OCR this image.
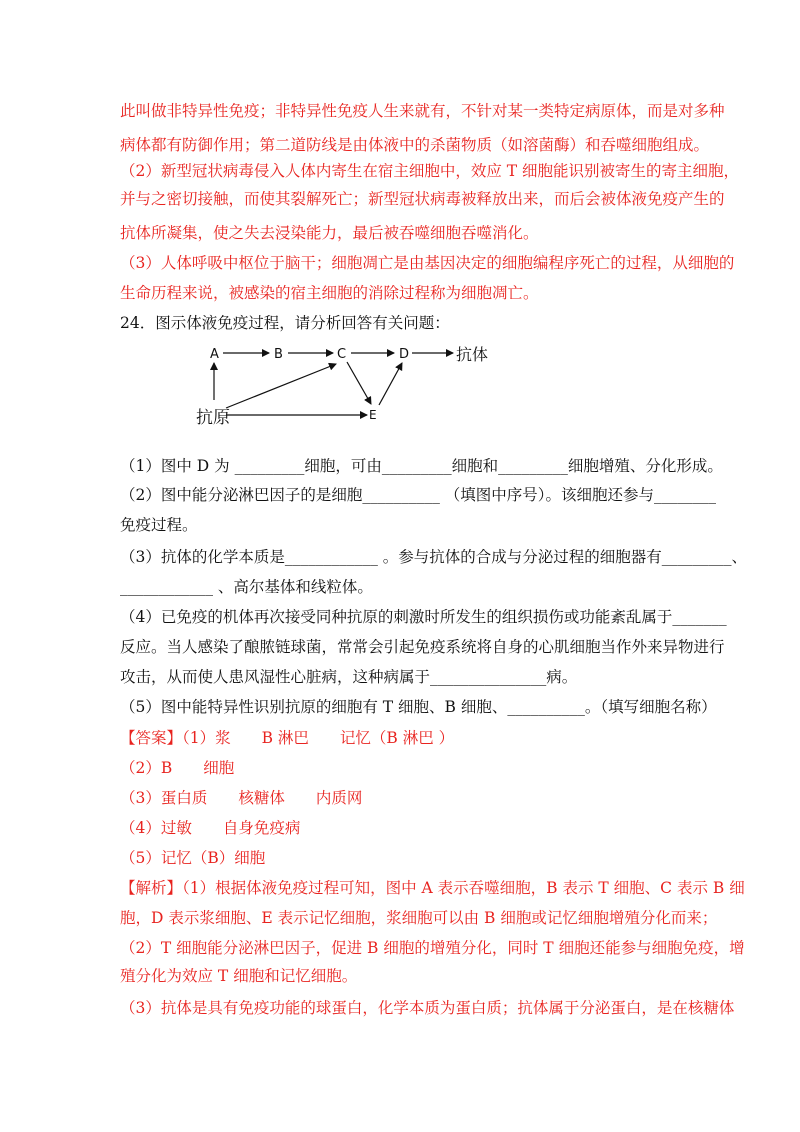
此叫做非特异性免疫；非特异性免疫人生来就有，不针对某一类特定病原体，而是对多种
病体都有防御作用；第二道防线是由体液中的杀菌物质（如溶菌酶）和吞噬细胞组成。
（2）新型冠状病毒侵入人体内寄生在宿主细胞中，效应 T 细胞能识别被寄生的寄主细胞，
并与之密切接触，而使其裂解死亡；新型冠状病毒被释放出来，而后会被体液免疫产生的
抗体所凝集，使之失去浸染能力，最后被吞噬细胞吞噬消化。
（3）人体呼吸中枢位于脑干；细胞凋亡是由基因决定的细胞编程序死亡的过程，从细胞的
生命历程来说，被感染的宿主细胞的消除过程称为细胞凋亡。
24．图示体液免疫过程，请分析回答有关问题：
A	B	C	D	抗体
E
抗原
（1）图中 D 为 _________细胞，可由_________细胞和_________细胞增殖、分化形成。
（2）图中能分泌淋巴因子的是细胞__________ （填图中序号）。该细胞还参与________
免疫过程。
（3）抗体的化学本质是____________ 。参与抗体的合成与分泌过程的细胞器有_________、
____________ 、高尔基体和线粒体。
（4）已免疫的机体再次接受同种抗原的刺激时所发生的组织损伤或功能紊乱属于_______
反应。当人感染了酿脓链球菌，常常会引起免疫系统将自身的心肌细胞当作外来异物进行
攻击，从而使人患风湿性心脏病，这种病属于_______________病。
（5）图中能特异性识别抗原的细胞有 T 细胞、B 细胞、__________。（填写细胞名称）
【答案】（1）浆　　B 淋巴　　记忆（B 淋巴 ）
（2）B　　细胞
（3）蛋白质　　核糖体　　内质网
（4）过敏　　自身免疫病
（5）记忆（B）细胞
【解析】（1）根据体液免疫过程可知，图中 A 表示吞噬细胞，B 表示 T 细胞、C 表示 B 细
胞，D 表示浆细胞、E 表示记忆细胞，浆细胞可以由 B 细胞或记忆细胞增殖分化而来；
（2）T 细胞能分泌淋巴因子，促进 B 细胞的增殖分化，同时 T 细胞还能参与细胞免疫，增
殖分化为效应 T 细胞和记忆细胞。
（3）抗体是具有免疫功能的球蛋白，化学本质为蛋白质；抗体属于分泌蛋白，是在核糖体
